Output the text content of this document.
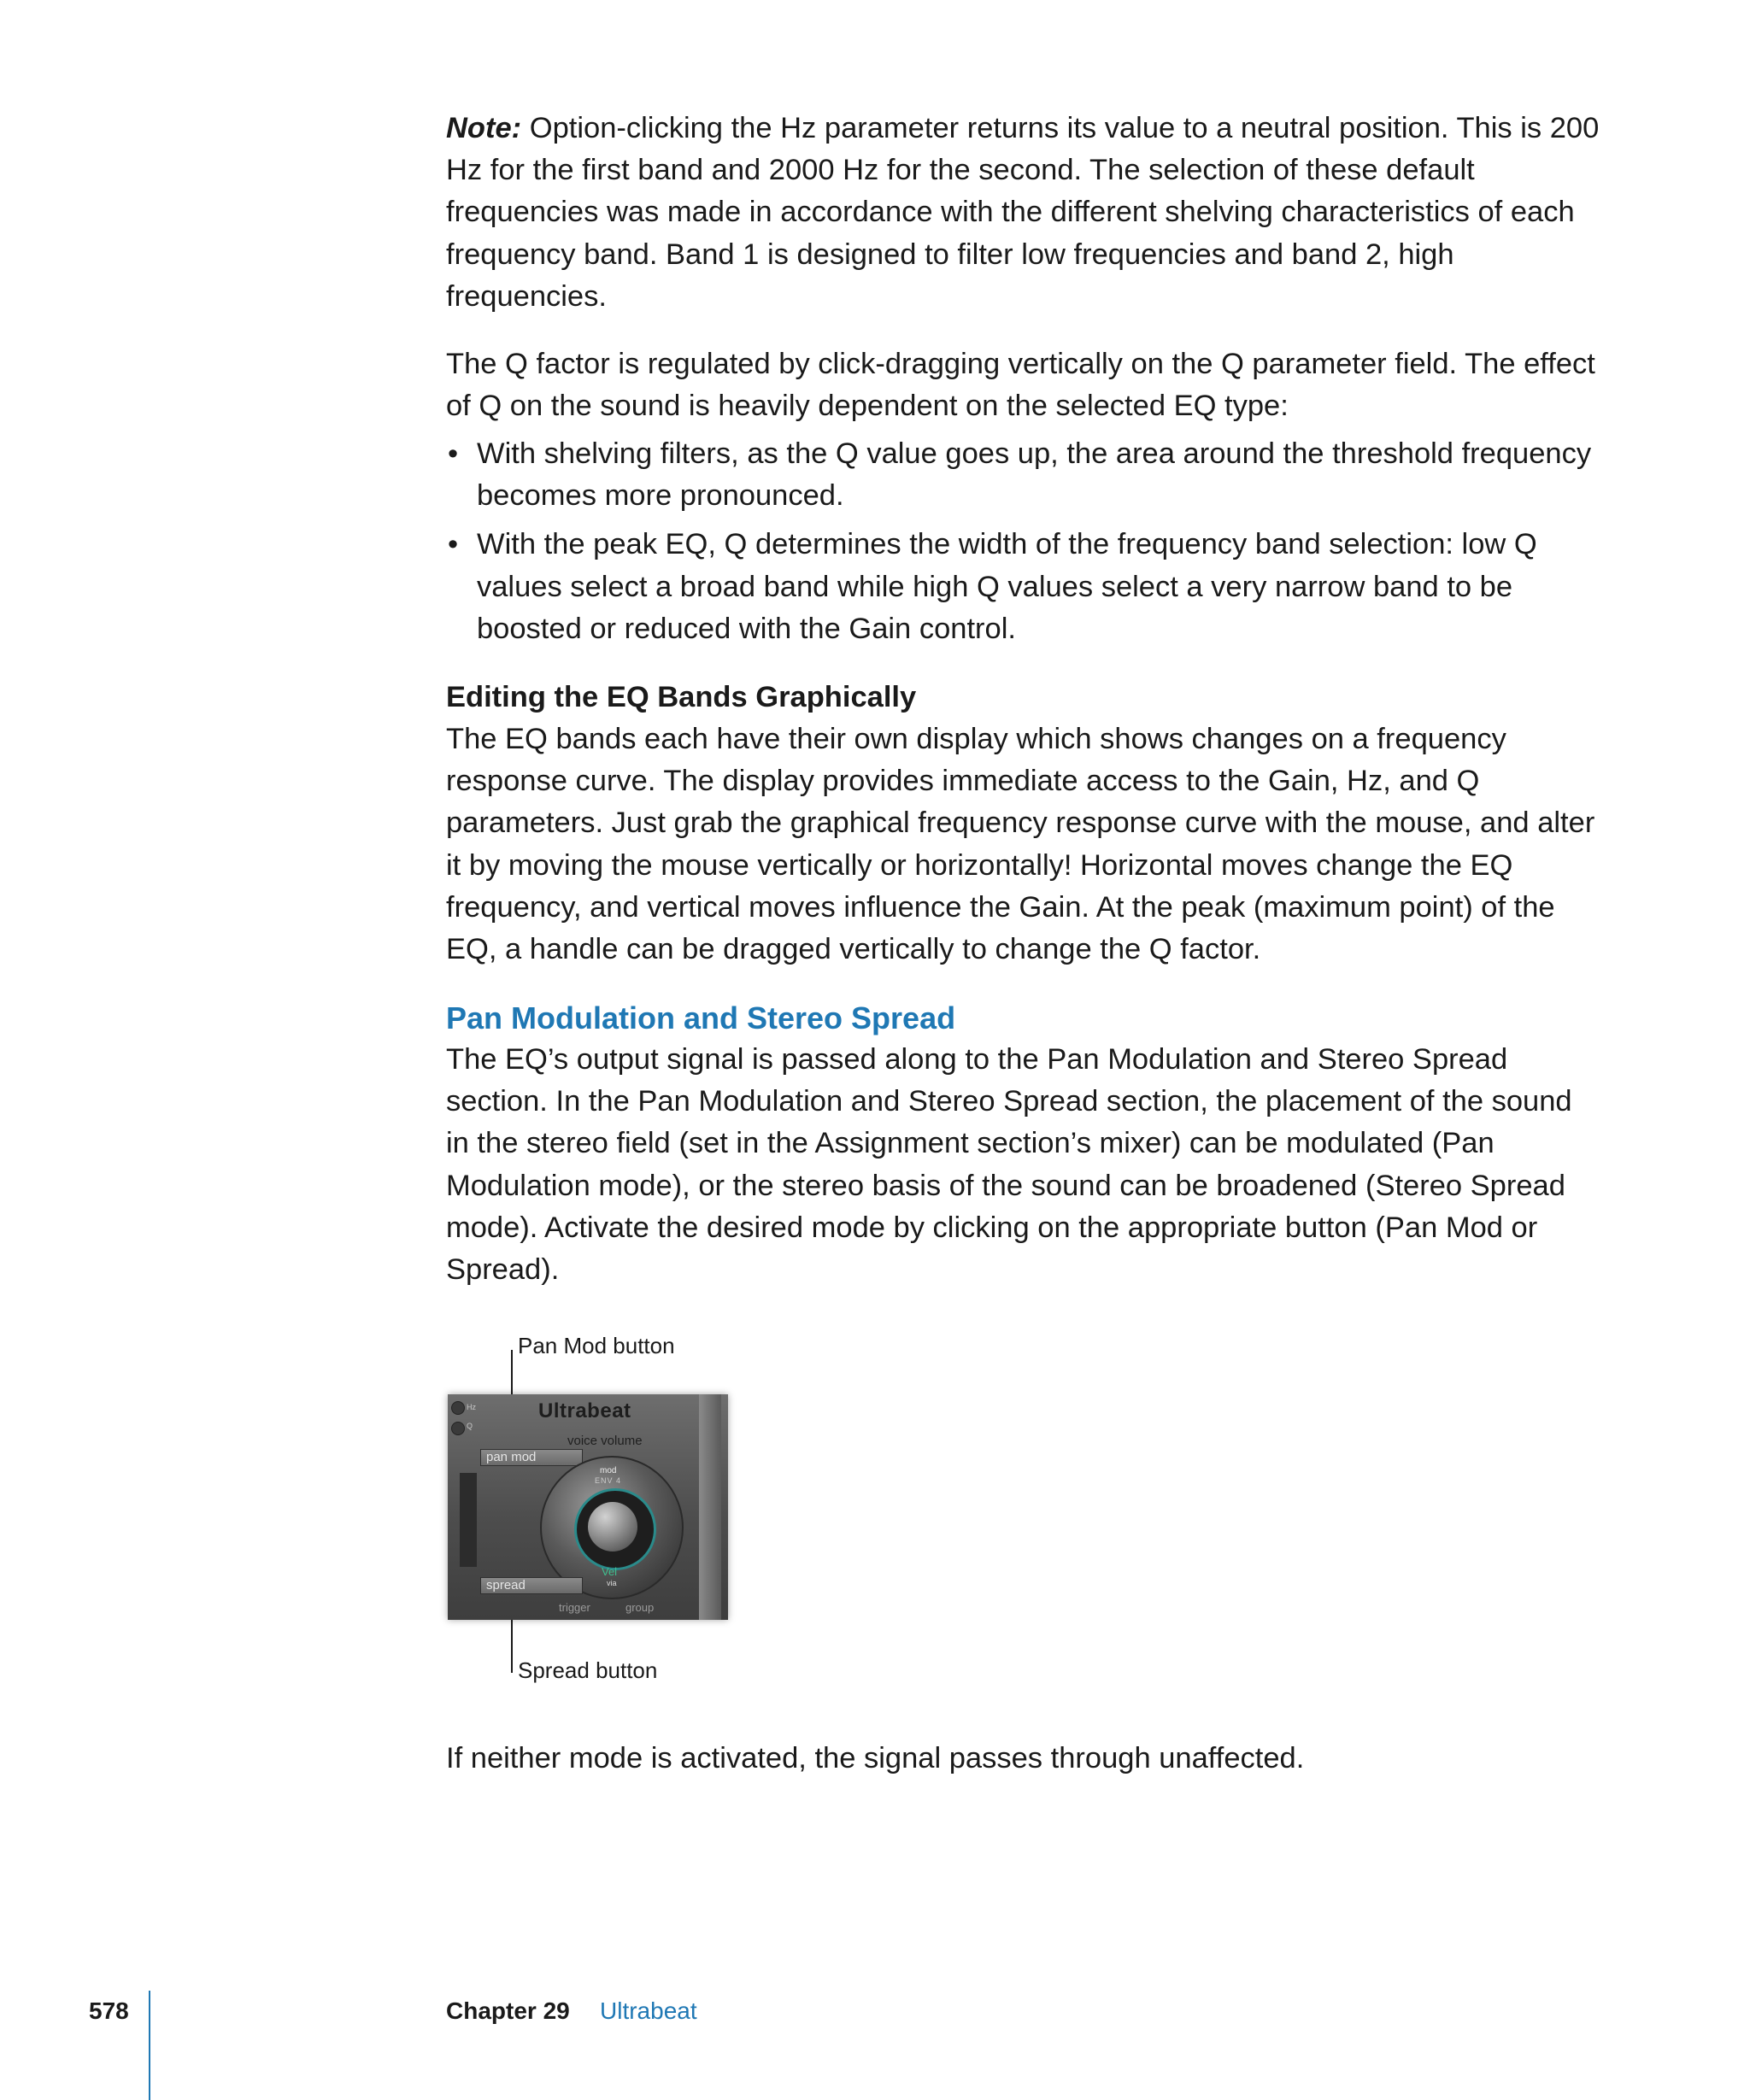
Note: Option-clicking the Hz parameter returns its value to a neutral position. This is 200 Hz for the first band and 2000 Hz for the second. The selection of these default frequencies was made in accordance with the different shelving characteristics of each frequency band. Band 1 is designed to filter low frequencies and band 2, high frequencies.

The Q factor is regulated by click-dragging vertically on the Q parameter field. The effect of Q on the sound is heavily dependent on the selected EQ type:

• With shelving filters, as the Q value goes up, the area around the threshold frequency becomes more pronounced.
• With the peak EQ, Q determines the width of the frequency band selection: low Q values select a broad band while high Q values select a very narrow band to be boosted or reduced with the Gain control.
Editing the EQ Bands Graphically

The EQ bands each have their own display which shows changes on a frequency response curve. The display provides immediate access to the Gain, Hz, and Q parameters. Just grab the graphical frequency response curve with the mouse, and alter it by moving the mouse vertically or horizontally! Horizontal moves change the EQ frequency, and vertical moves influence the Gain. At the peak (maximum point) of the EQ, a handle can be dragged vertically to change the Q factor.

Pan Modulation and Stereo Spread

The EQ’s output signal is passed along to the Pan Modulation and Stereo Spread section. In the Pan Modulation and Stereo Spread section, the placement of the sound in the stereo field (set in the Assignment section’s mixer) can be modulated (Pan Modulation mode), or the stereo basis of the sound can be broadened (Stereo Spread mode). Activate the desired mode by clicking on the appropriate button (Pan Mod or Spread).

Pan Mod button
Spread button
Hz
Q
Ultrabeat
voice volume
pan mod
mod
ENV 4
Vel
via
spread
trigger	group

If neither mode is activated, the signal passes through unaffected.

578	Chapter 29 Ultrabeat
